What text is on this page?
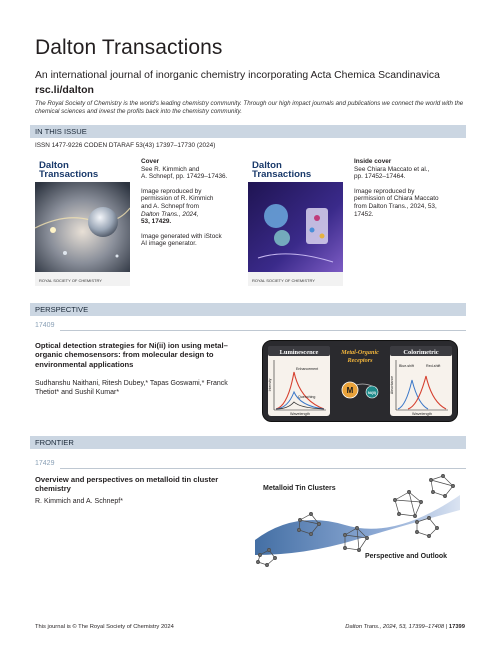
Dalton Transactions
An international journal of inorganic chemistry incorporating Acta Chemica Scandinavica
rsc.li/dalton
The Royal Society of Chemistry is the world's leading chemistry community. Through our high impact journals and publications we connect the world with the chemical sciences and invest the profits back into the chemistry community.
IN THIS ISSUE
ISSN 1477-9226 CODEN DTARAF 53(43) 17397–17730 (2024)
Dalton
Transactions
ROYAL SOCIETY OF CHEMISTRY
Cover
See R. Kimmich and
A. Schnepf, pp. 17429–17436.

Image reproduced by
permission of R. Kimmich
and A. Schnepf from
Dalton Trans., 2024,
53, 17429.

Image generated with iStock
AI image generator.
Dalton
Transactions
ROYAL SOCIETY OF CHEMISTRY
Inside cover
See Chiara Maccato et al.,
pp. 17452–17464.

Image reproduced by
permission of Chiara Maccato
from Dalton Trans., 2024, 53,
17452.
PERSPECTIVE
17409
Optical detection strategies for Ni(ii) ion using metal–organic chemosensors: from molecular design to environmental applications
Sudhanshu Naithani, Ritesh Dubey,* Tapas Goswami,* Franck Thetiot* and Sushil Kumar*
Luminescence
Enhancement
Quenching
Wavelength
Intensity
Metal-Organic
Receptors
M	Ni(II)
Colorimetric
Blue-shift	Red-shift
Wavelength
Absorbance
FRONTIER
17429
Overview and perspectives on metalloid tin cluster chemistry
R. Kimmich and A. Schnepf*
Metalloid Tin Clusters
Perspective and Outlook
This journal is © The Royal Society of Chemistry 2024	Dalton Trans., 2024, 53, 17399–17408 | 17399
